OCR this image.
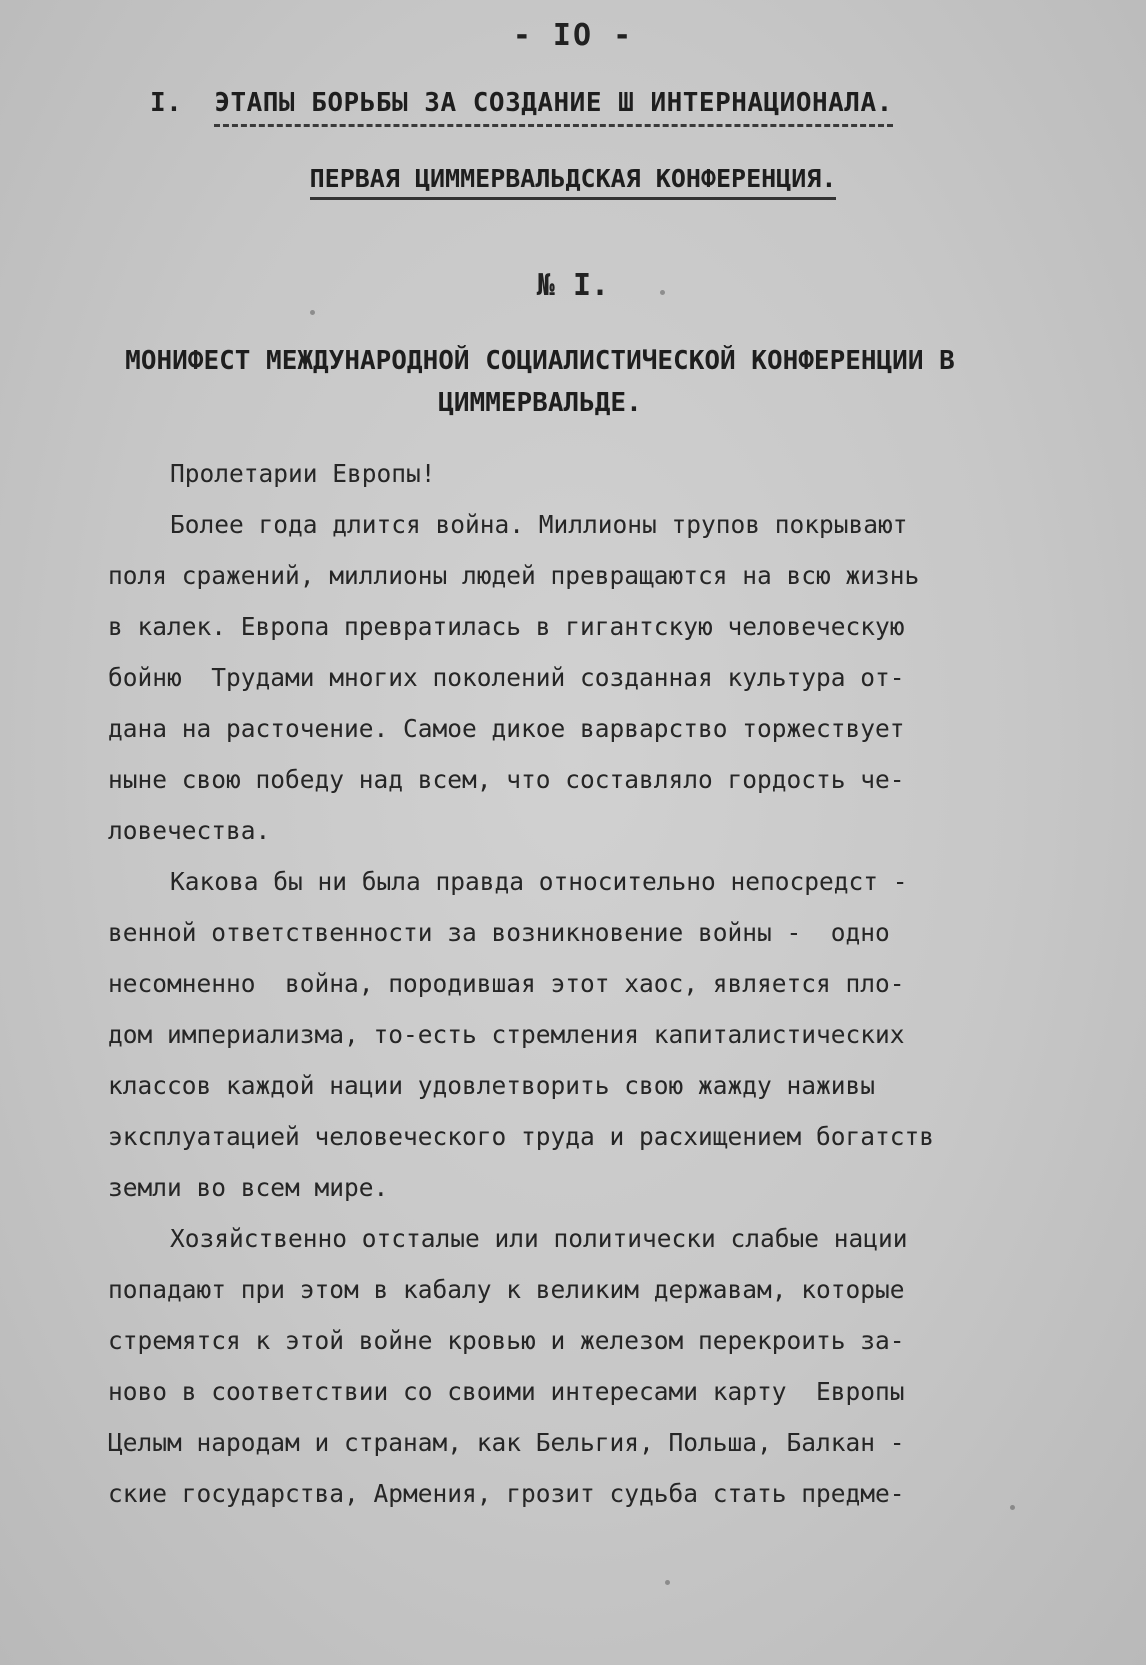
- IO -
I. ЭТАПЫ БОРЬБЫ ЗА СОЗДАНИЕ Ш ИНТЕРНАЦИОНАЛА.
ПЕРВАЯ ЦИММЕРВАЛЬДСКАЯ КОНФЕРЕНЦИЯ.
№ I.
МОНИФЕСТ МЕЖДУНАРОДНОЙ СОЦИАЛИСТИЧЕСКОЙ КОНФЕРЕНЦИИ В
ЦИММЕРВАЛЬДЕ.
Пролетарии Европы!
Более года длится война. Миллионы трупов покрывают
поля сражений, миллионы людей превращаются на всю жизнь
в калек. Европа превратилась в гигантскую человеческую
бойню  Трудами многих поколений созданная культура от-
дана на расточение. Самое дикое варварство торжествует
ныне свою победу над всем, что составляло гордость че-
ловечества.
Какова бы ни была правда относительно непосредст -
венной ответственности за возникновение войны -  одно
несомненно  война, породившая этот хаос, является пло-
дом империализма, то-есть стремления капиталистических
классов каждой нации удовлетворить свою жажду наживы
эксплуатацией человеческого труда и расхищением богатств
земли во всем мире.
Хозяйственно отсталые или политически слабые нации
попадают при этом в кабалу к великим державам, которые
стремятся к этой войне кровью и железом перекроить за-
ново в соответствии со своими интересами карту  Европы
Целым народам и странам, как Бельгия, Польша, Балкан -
ские государства, Армения, грозит судьба стать предме-
